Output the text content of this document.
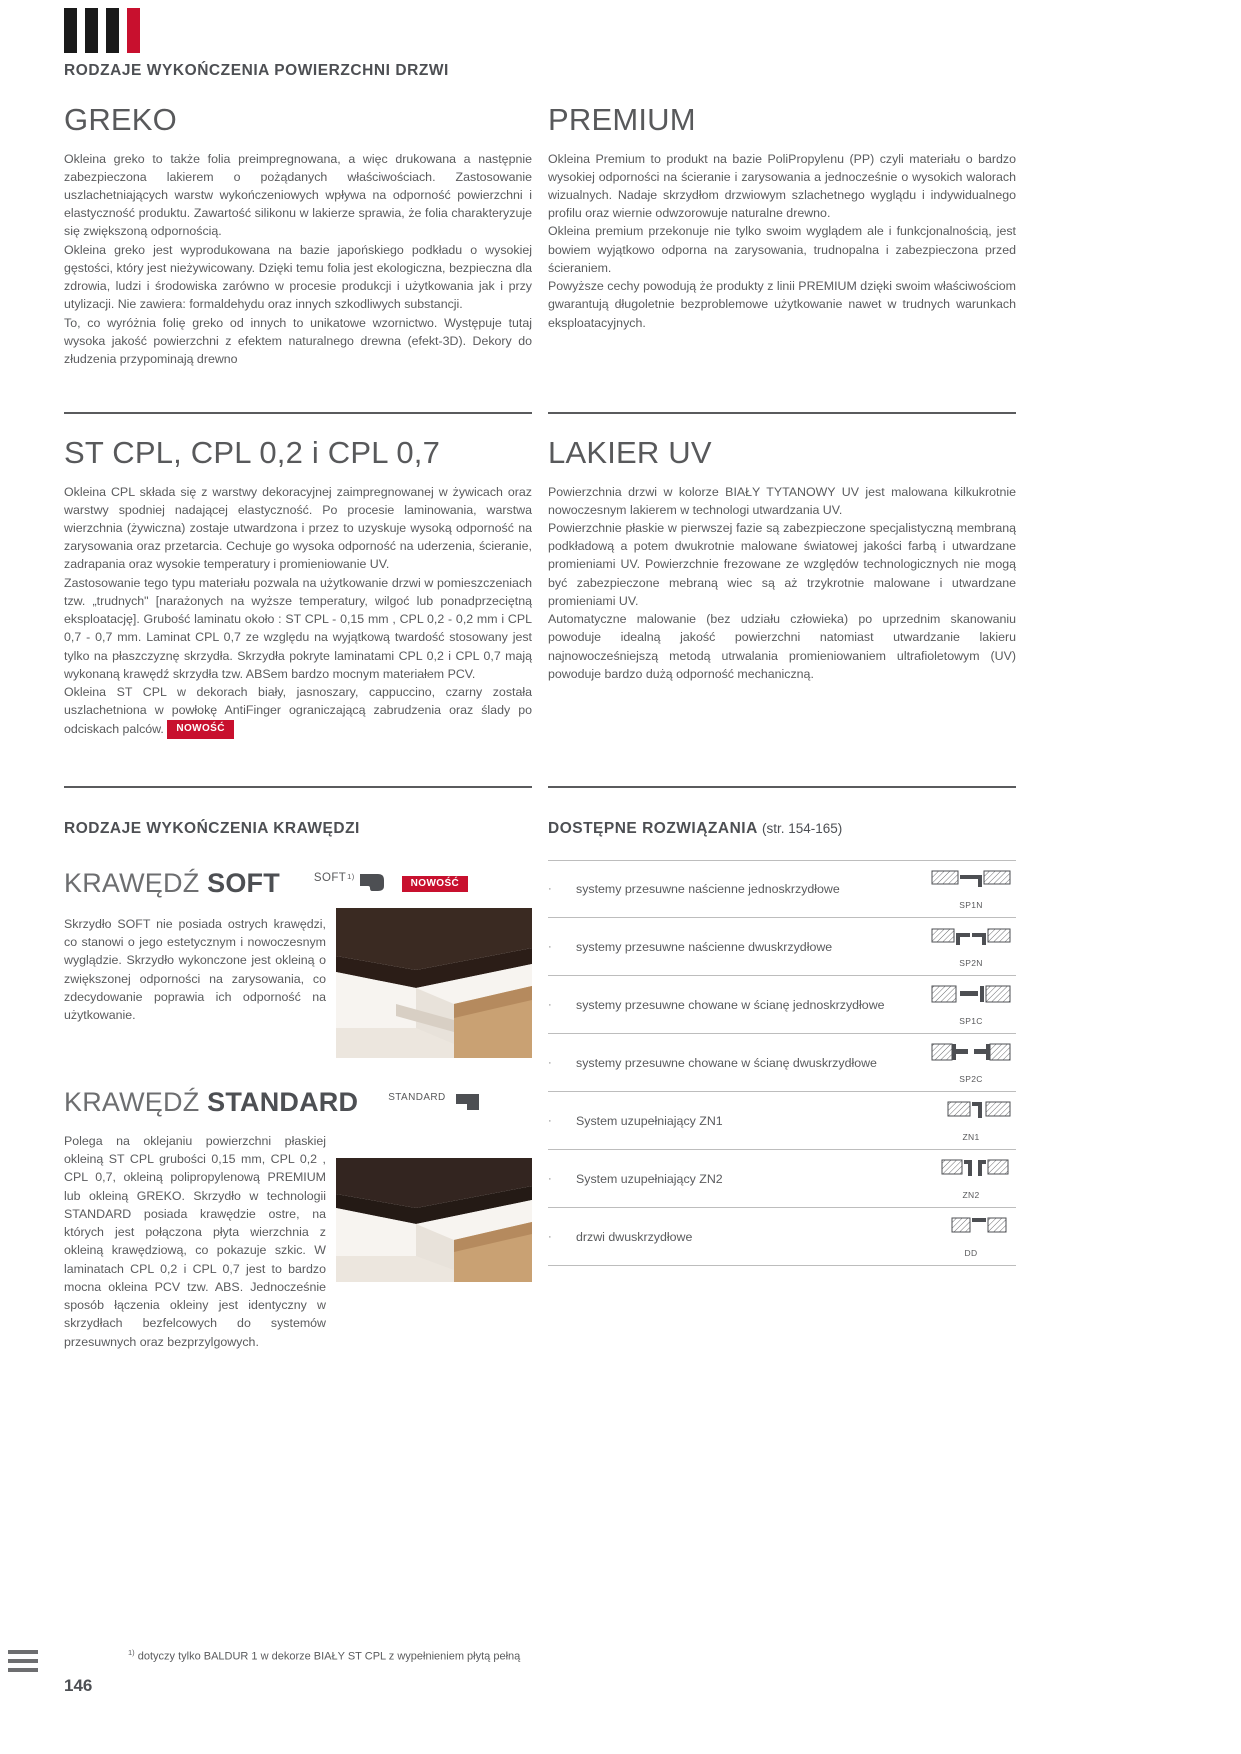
RODZAJE WYKOŃCZENIA POWIERZCHNI DRZWI
GREKO

Okleina greko to także folia preimpregnowana, a więc drukowana a następnie zabezpieczona lakierem o pożądanych właściwościach. Zastosowanie uszlachetniających warstw wykończeniowych wpływa na odporność powierzchni i elastyczność produktu. Zawartość silikonu w lakierze sprawia, że folia charakteryzuje się zwiększoną odpornością.

Okleina greko jest wyprodukowana na bazie japońskiego podkładu o wysokiej gęstości, który jest nieżywicowany. Dzięki temu folia jest ekologiczna, bezpieczna dla zdrowia, ludzi i środowiska zarówno w procesie produkcji i użytkowania jak i przy utylizacji. Nie zawiera: formaldehydu oraz innych szkodliwych substancji.

To, co wyróżnia folię greko od innych to unikatowe wzornictwo. Występuje tutaj wysoka jakość powierzchni z efektem naturalnego drewna (efekt-3D). Dekory do złudzenia przypominają drewno

PREMIUM

Okleina Premium to produkt na bazie PoliPropylenu (PP) czyli materiału o bardzo wysokiej odporności na ścieranie i zarysowania a jednocześnie o wysokich walorach wizualnych. Nadaje skrzydłom drzwiowym szlachetnego wyglądu i indywidualnego profilu oraz wiernie odwzorowuje naturalne drewno.

Okleina premium przekonuje nie tylko swoim wyglądem ale i funkcjonalnością, jest bowiem wyjątkowo odporna na zarysowania, trudnopalna i zabezpieczona przed ścieraniem.

Powyższe cechy powodują że produkty z linii PREMIUM dzięki swoim właściwościom gwarantują długoletnie bezproblemowe użytkowanie nawet w trudnych warunkach eksploatacyjnych.

ST CPL, CPL 0,2 i CPL 0,7

Okleina CPL składa się z warstwy dekoracyjnej zaimpregnowanej w żywicach oraz warstwy spodniej nadającej elastyczność. Po procesie laminowania, warstwa wierzchnia (żywiczna) zostaje utwardzona i przez to uzyskuje wysoką odporność na zarysowania oraz przetarcia. Cechuje go wysoka odporność na uderzenia, ścieranie, zadrapania oraz wysokie temperatury i promieniowanie UV.

Zastosowanie tego typu materiału pozwala na użytkowanie drzwi w pomieszczeniach tzw. „trudnych" [narażonych na wyższe temperatury, wilgoć lub ponadprzeciętną eksploatację]. Grubość laminatu około : ST CPL - 0,15 mm , CPL 0,2 - 0,2 mm i CPL 0,7 - 0,7 mm. Laminat CPL 0,7 ze względu na wyjątkową twardość stosowany jest tylko na płaszczyznę skrzydła. Skrzydła pokryte laminatami CPL 0,2 i CPL 0,7 mają wykonaną krawędź skrzydła tzw. ABSem bardzo mocnym materiałem PCV.

Okleina ST CPL w dekorach biały, jasnoszary, cappuccino, czarny została uszlachetniona w powłokę AntiFinger ograniczającą zabrudzenia oraz ślady po odciskach palców. NOWOŚĆ

LAKIER UV

Powierzchnia drzwi w kolorze BIAŁY TYTANOWY UV jest malowana kilkukrotnie nowoczesnym lakierem w technologi utwardzania UV.

Powierzchnie płaskie w pierwszej fazie są zabezpieczone specjalistyczną membraną podkładową a potem dwukrotnie malowane światowej jakości farbą i utwardzane promieniami UV. Powierzchnie frezowane ze względów technologicznych nie mogą być zabezpieczone mebraną wiec są aż trzykrotnie malowane i utwardzane promieniami UV.

Automatyczne malowanie (bez udziału człowieka) po uprzednim skanowaniu powoduje idealną jakość powierzchni natomiast utwardzanie lakieru najnowocześniejszą metodą utrwalania promieniowaniem ultrafioletowym (UV) powoduje bardzo dużą odporność mechaniczną.

RODZAJE WYKOŃCZENIA KRAWĘDZI
KRAWĘDŹ SOFT	SOFT 1)
NOWOŚĆ

Skrzydło SOFT nie posiada ostrych krawędzi, co stanowi o jego estetycznym i nowoczesnym wyglądzie. Skrzydło wykonczone jest okleiną o zwiększonej odporności na zarysowania, co zdecydowanie poprawia ich odporność na użytkowanie.

KRAWĘDŹ STANDARD	STANDARD

Polega na oklejaniu powierzchni płaskiej okleiną ST CPL grubości 0,15 mm, CPL 0,2 , CPL 0,7, okleiną polipropylenową PREMIUM lub okleiną GREKO. Skrzydło w technologii STANDARD posiada krawędzie ostre, na których jest połączona płyta wierzchnia z okleiną krawędziową, co pokazuje szkic. W laminatach CPL 0,2 i CPL 0,7 jest to bardzo mocna okleina PCV tzw. ABS. Jednocześnie sposób łączenia okleiny jest identyczny w skrzydłach bezfelcowych do systemów przesuwnych oraz bezprzylgowych.

DOSTĘPNE ROZWIĄZANIA (str. 154-165)
· systemy przesuwne naścienne jednoskrzydłowe
SP1N
· systemy przesuwne naścienne dwuskrzydłowe
SP2N
· systemy przesuwne chowane w ścianę jednoskrzydłowe
SP1C
· systemy przesuwne chowane w ścianę dwuskrzydłowe
SP2C
· System uzupełniający ZN1
ZN1
· System uzupełniający ZN2
ZN2
· drzwi dwuskrzydłowe
DD
$^{1)}$ dotyczy tylko BALDUR 1 w dekorze BIAŁY ST CPL z wypełnieniem płytą pełną
146
